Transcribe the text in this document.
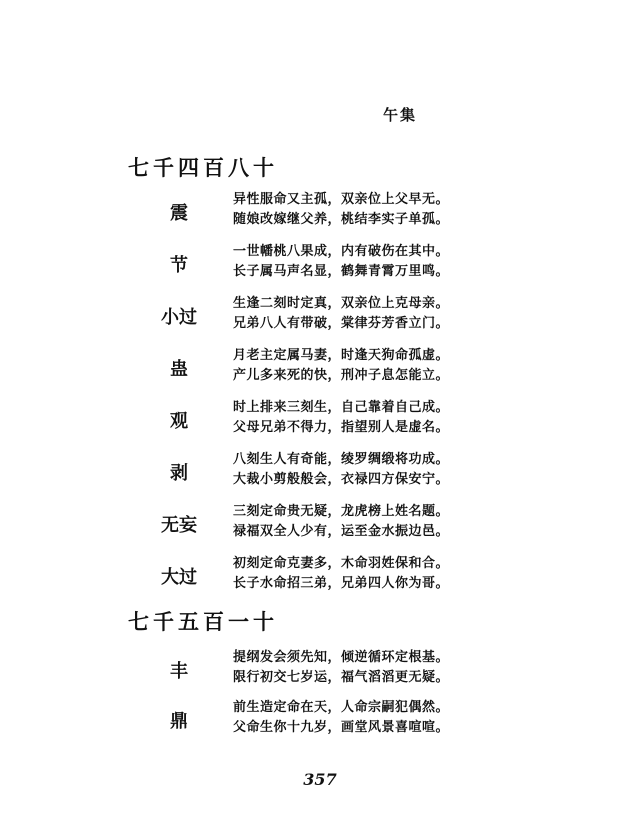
午集
七千四百八十
震
异性服命又主孤，双亲位上父早无。
随娘改嫁继父养，桃结李实子单孤。
节
一世幡桃八果成，内有破伤在其中。
长子属马声名显，鹤舞青霄万里鸣。
小过
生逢二刻时定真，双亲位上克母亲。
兄弟八人有带破，棠律芬芳香立门。
蛊
月老主定属马妻，时逢天狗命孤虚。
产儿多来死的快，刑冲子息怎能立。
观
时上排来三刻生，自己靠着自己成。
父母兄弟不得力，指望别人是虚名。
剥
八刻生人有奇能，绫罗绸缎将功成。
大裁小剪般般会，衣禄四方保安宁。
无妄
三刻定命贵无疑，龙虎榜上姓名题。
禄福双全人少有，运至金水振边邑。
大过
初刻定命克妻多，木命羽姓保和合。
长子水命招三弟，兄弟四人你为哥。
七千五百一十
丰
提纲发会须先知，倾逆循环定根基。
限行初交七岁运，福气滔滔更无疑。
鼎
前生造定命在天，人命宗嗣犯偶然。
父命生你十九岁，画堂风景喜喧喧。
357
